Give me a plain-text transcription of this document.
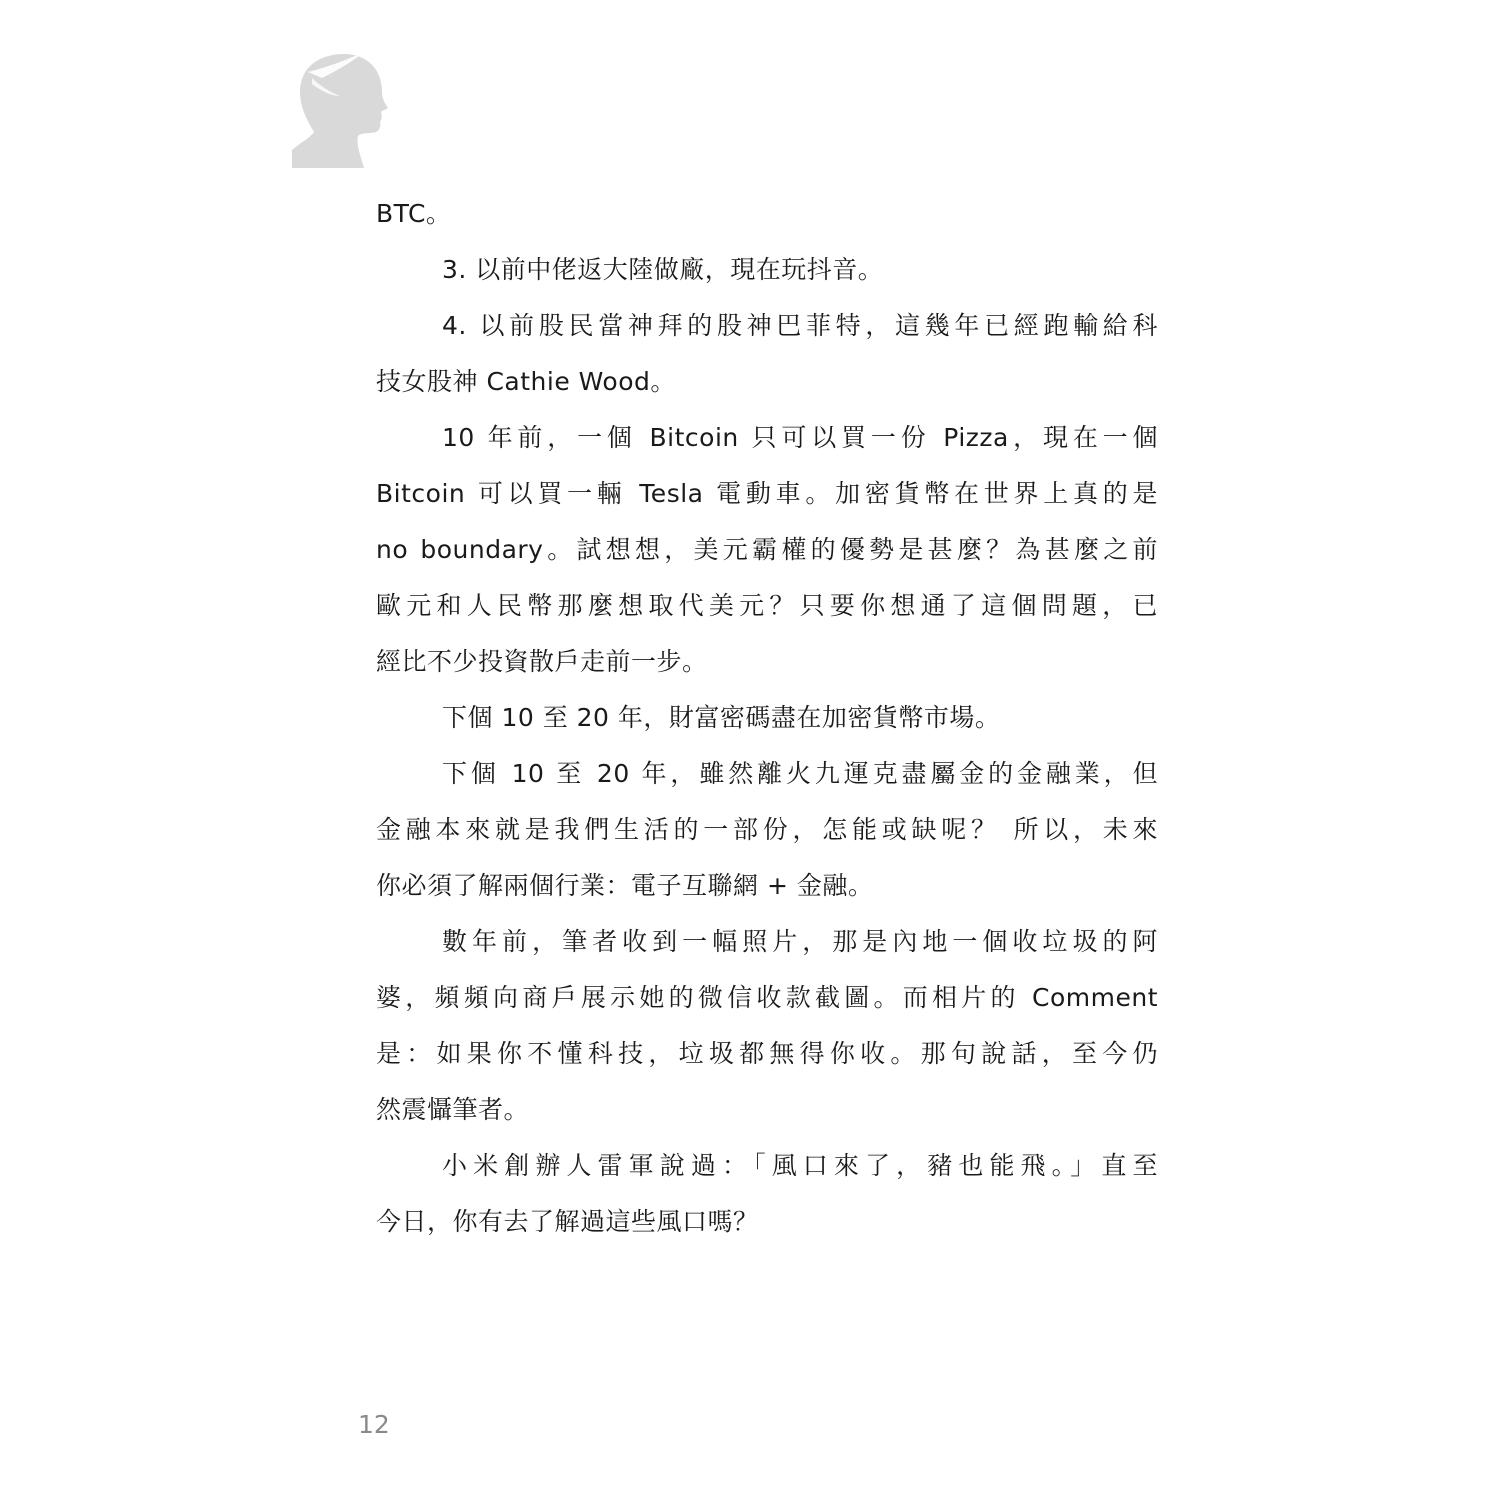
BTC。
3. 以前中佬返大陸做廠，現在玩抖音。
4. 以前股民當神拜的股神巴菲特，這幾年已經跑輸給科
技女股神 Cathie Wood。
10 年前，一個 Bitcoin 只可以買一份 Pizza，現在一個
Bitcoin 可以買一輛 Tesla 電動車。加密貨幣在世界上真的是
no boundary。試想想，美元霸權的優勢是甚麼？為甚麼之前
歐元和人民幣那麼想取代美元？只要你想通了這個問題，已
經比不少投資散戶走前一步。
下個 10 至 20 年，財富密碼盡在加密貨幣市場。
下個 10 至 20 年，雖然離火九運克盡屬金的金融業，但
金融本來就是我們生活的一部份，怎能或缺呢？ 所以，未來
你必須了解兩個行業：電子互聯網 + 金融。
數年前，筆者收到一幅照片，那是內地一個收垃圾的阿
婆，頻頻向商戶展示她的微信收款截圖。而相片的 Comment
是：如果你不懂科技，垃圾都無得你收。那句說話，至今仍
然震懾筆者。
小米創辦人雷軍說過：「風口來了，豬也能飛。」直至
今日，你有去了解過這些風口嗎？
12
